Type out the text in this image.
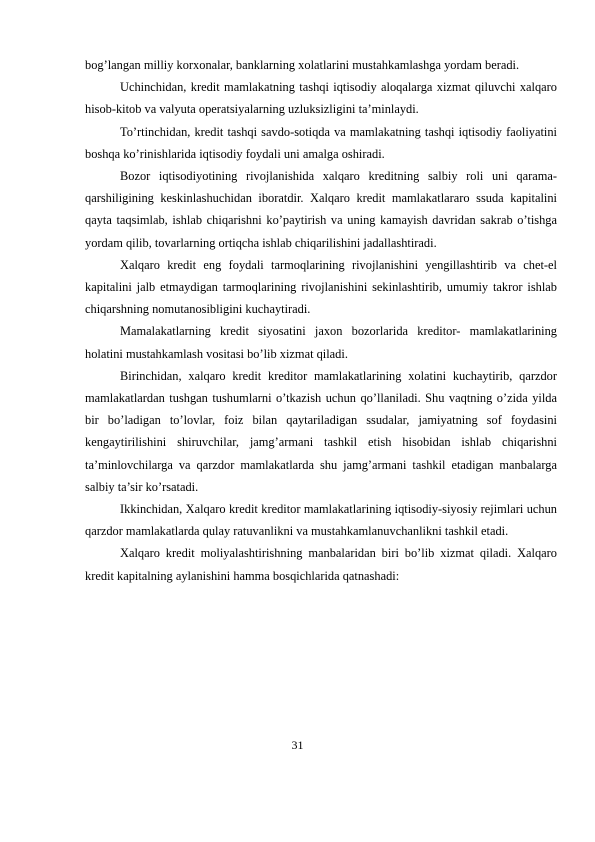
bog’langan milliy korxonalar, banklarning xolatlarini mustahkamlashga yordam beradi.

Uchinchidan, kredit mamlakatning tashqi iqtisodiy aloqalarga xizmat qiluvchi xalqaro hisob-kitob va valyuta operatsiyalarning uzluksizligini ta’minlaydi.

To’rtinchidan, kredit tashqi savdo-sotiqda va mamlakatning tashqi iqtisodiy faoliyatini boshqa ko’rinishlarida iqtisodiy foydali uni amalga oshiradi.

Bozor iqtisodiyotining rivojlanishida xalqaro kreditning salbiy roli uni qarama- qarshiligining keskinlashuchidan iboratdir. Xalqaro kredit mamlakatlararo ssuda kapitalini qayta taqsimlab, ishlab chiqarishni ko’paytirish va uning kamayish davridan sakrab o’tishga yordam qilib, tovarlarning ortiqcha ishlab chiqarilishini jadallashtiradi.

Xalqaro kredit eng foydali tarmoqlarining rivojlanishini yengillashtirib va chet-el kapitalini jalb etmaydigan tarmoqlarining rivojlanishini sekinlashtirib, umumiy takror ishlab chiqarshning nomutanosibligini kuchaytiradi.

Mamalakatlarning kredit siyosatini jaxon bozorlarida kreditor- mamlakatlarining holatini mustahkamlash vositasi bo’lib xizmat qiladi.

Birinchidan, xalqaro kredit kreditor mamlakatlarining xolatini kuchaytirib, qarzdor mamlakatlardan tushgan tushumlarni o’tkazish uchun qo’llaniladi. Shu vaqtning o’zida yilda bir bo’ladigan to’lovlar, foiz bilan qaytariladigan ssudalar, jamiyatning sof foydasini kengaytirilishini shiruvchilar, jamg’armani tashkil etish hisobidan ishlab chiqarishni ta’minlovchilarga va qarzdor mamlakatlarda shu jamg’armani tashkil etadigan manbalarga salbiy ta’sir ko’rsatadi.

Ikkinchidan, Xalqaro kredit kreditor mamlakatlarining iqtisodiy-siyosiy rejimlari uchun qarzdor mamlakatlarda qulay ratuvanlikni va mustahkamlanuvchanlikni tashkil etadi.

Xalqaro kredit moliyalashtirishning manbalaridan biri bo’lib xizmat qiladi. Xalqaro kredit kapitalning aylanishini hamma bosqichlarida qatnashadi:

31
